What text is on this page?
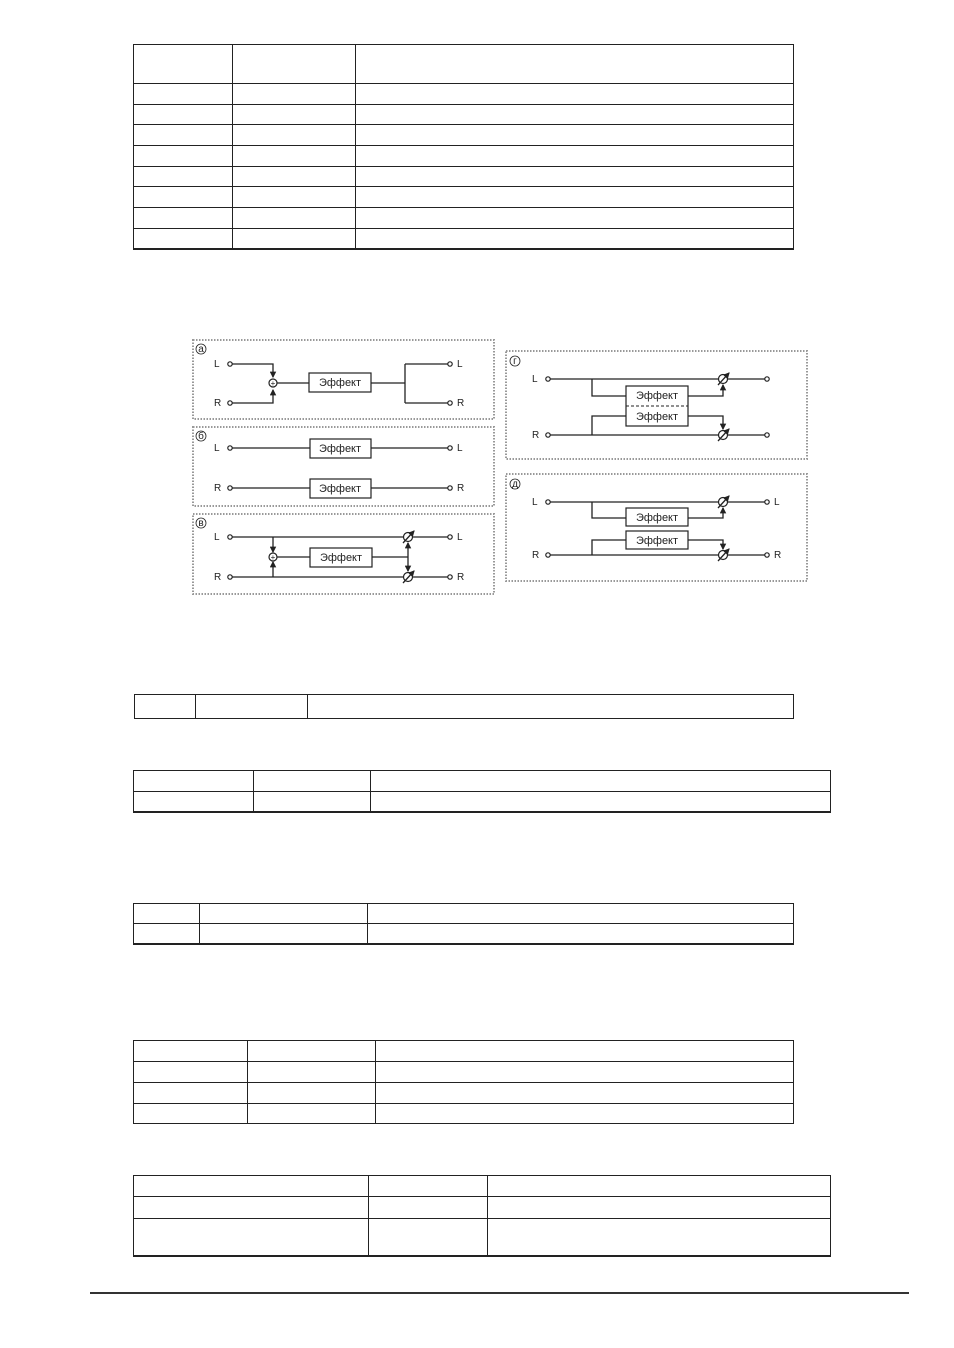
а
L
R
+	Эффект
L
R
б
L
R
Эффект
Эффект
L
R
в
L
R
+	Эффект
L
R
г
L
R
Эффект
Эффект
д
L
R
Эффект
Эффект
L
R
